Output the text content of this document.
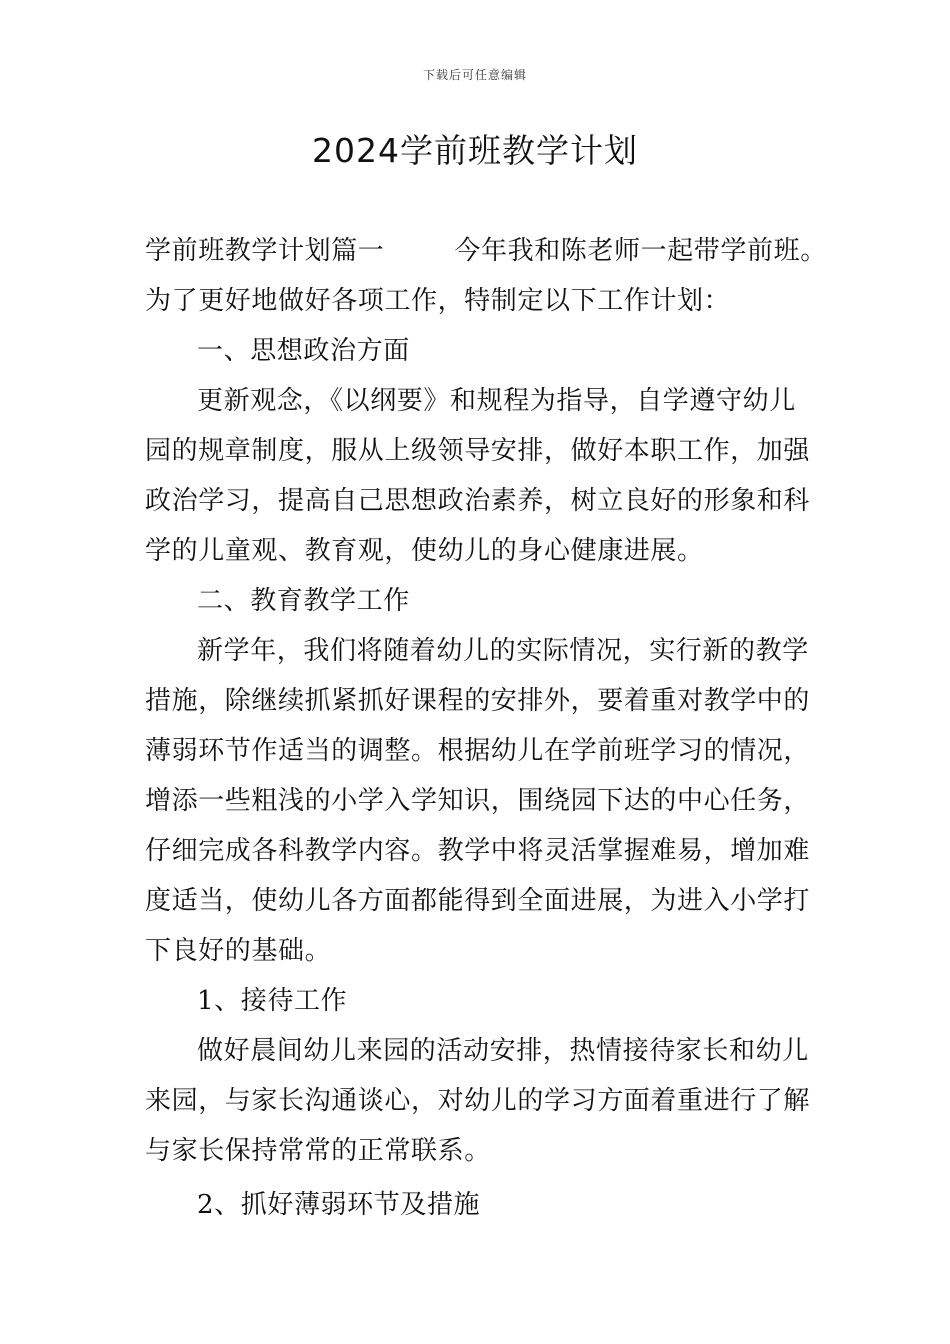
下载后可任意编辑
2024学前班教学计划
学前班教学计划篇一	今年我和陈老师一起带学前班。
为了更好地做好各项工作，特制定以下工作计划：
一、思想政治方面
更新观念，《以纲要》和规程为指导，自学遵守幼儿
园的规章制度，服从上级领导安排，做好本职工作，加强
政治学习，提高自己思想政治素养，树立良好的形象和科
学的儿童观、教育观，使幼儿的身心健康进展。
二、教育教学工作
新学年，我们将随着幼儿的实际情况，实行新的教学
措施，除继续抓紧抓好课程的安排外，要着重对教学中的
薄弱环节作适当的调整。根据幼儿在学前班学习的情况，
增添一些粗浅的小学入学知识，围绕园下达的中心任务，
仔细完成各科教学内容。教学中将灵活掌握难易，增加难
度适当，使幼儿各方面都能得到全面进展，为进入小学打
下良好的基础。
1、接待工作
做好晨间幼儿来园的活动安排，热情接待家长和幼儿
来园，与家长沟通谈心，对幼儿的学习方面着重进行了解
与家长保持常常的正常联系。
2、抓好薄弱环节及措施
